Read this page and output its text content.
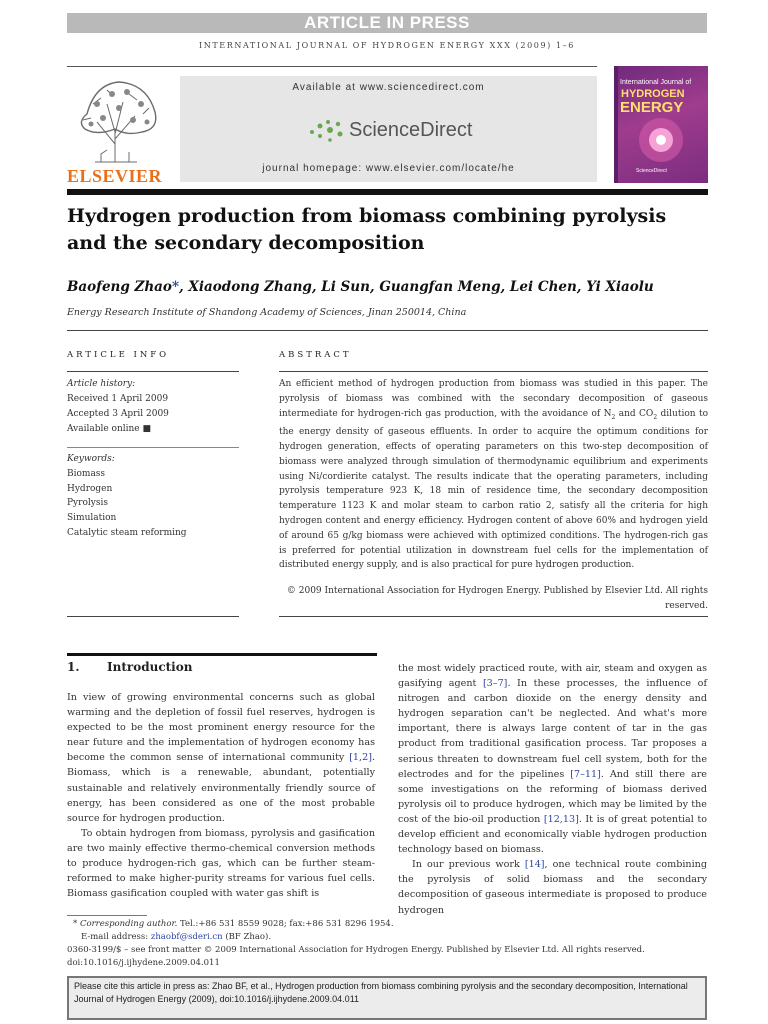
ARTICLE IN PRESS
INTERNATIONAL JOURNAL OF HYDROGEN ENERGY XXX (2009) 1–6
ELSEVIER
Available at www.sciencedirect.com
ScienceDirect
journal homepage: www.elsevier.com/locate/he
International Journal of
HYDROGEN
ENERGY
ScienceDirect
Hydrogen production from biomass combining pyrolysis and the secondary decomposition
Baofeng Zhao*, Xiaodong Zhang, Li Sun, Guangfan Meng, Lei Chen, Yi Xiaolu
Energy Research Institute of Shandong Academy of Sciences, Jinan 250014, China
ARTICLE INFO	ABSTRACT
Article history:
Received 1 April 2009
Accepted 3 April 2009
Available online ■
Keywords:
Biomass
Hydrogen
Pyrolysis
Simulation
Catalytic steam reforming
An efficient method of hydrogen production from biomass was studied in this paper. The pyrolysis of biomass was combined with the secondary decomposition of gaseous intermediate for hydrogen-rich gas production, with the avoidance of $N_2$ and $CO_2$ dilution to the energy density of gaseous effluents. In order to acquire the optimum conditions for hydrogen generation, effects of operating parameters on this two-step decomposition of biomass were analyzed through simulation of thermodynamic equilibrium and experiments using Ni/cordierite catalyst. The results indicate that the operating parameters, including pyrolysis temperature 923 K, 18 min of residence time, the secondary decomposition temperature 1123 K and molar steam to carbon ratio 2, satisfy all the criteria for high hydrogen content and energy efficiency. Hydrogen content of above 60% and hydrogen yield of around 65 g/kg biomass were achieved with optimized conditions. The hydrogen-rich gas is preferred for potential utilization in downstream fuel cells for the implementation of distributed energy supply, and is also practical for pure hydrogen production.
© 2009 International Association for Hydrogen Energy. Published by Elsevier Ltd. All rights reserved.
1. Introduction
In view of growing environmental concerns such as global warming and the depletion of fossil fuel reserves, hydrogen is expected to be the most prominent energy resource for the near future and the implementation of hydrogen economy has become the common sense of international community [1,2]. Biomass, which is a renewable, abundant, potentially sustainable and relatively environmentally friendly source of energy, has been considered as one of the most probable source for hydrogen production.
To obtain hydrogen from biomass, pyrolysis and gasification are two mainly effective thermo-chemical conversion methods to produce hydrogen-rich gas, which can be further steam-reformed to make higher-purity streams for various fuel cells. Biomass gasification coupled with water gas shift is
the most widely practiced route, with air, steam and oxygen as gasifying agent [3–7]. In these processes, the influence of nitrogen and carbon dioxide on the energy density and hydrogen separation can't be neglected. And what's more important, there is always large content of tar in the gas product from traditional gasification process. Tar proposes a serious threaten to downstream fuel cell system, both for the electrodes and for the pipelines [7–11]. And still there are some investigations on the reforming of biomass derived pyrolysis oil to produce hydrogen, which may be limited by the cost of the bio-oil production [12,13]. It is of great potential to develop efficient and economically viable hydrogen production technology based on biomass.
In our previous work [14], one technical route combining the pyrolysis of solid biomass and the secondary decomposition of gaseous intermediate is proposed to produce hydrogen
* Corresponding author. Tel.:+86 531 8559 9028; fax:+86 531 8296 1954.
E-mail address: zhaobf@sderi.cn (BF Zhao).
0360-3199/$ – see front matter © 2009 International Association for Hydrogen Energy. Published by Elsevier Ltd. All rights reserved.
doi:10.1016/j.ijhydene.2009.04.011
Please cite this article in press as: Zhao BF, et al., Hydrogen production from biomass combining pyrolysis and the secondary decomposition, International Journal of Hydrogen Energy (2009), doi:10.1016/j.ijhydene.2009.04.011
